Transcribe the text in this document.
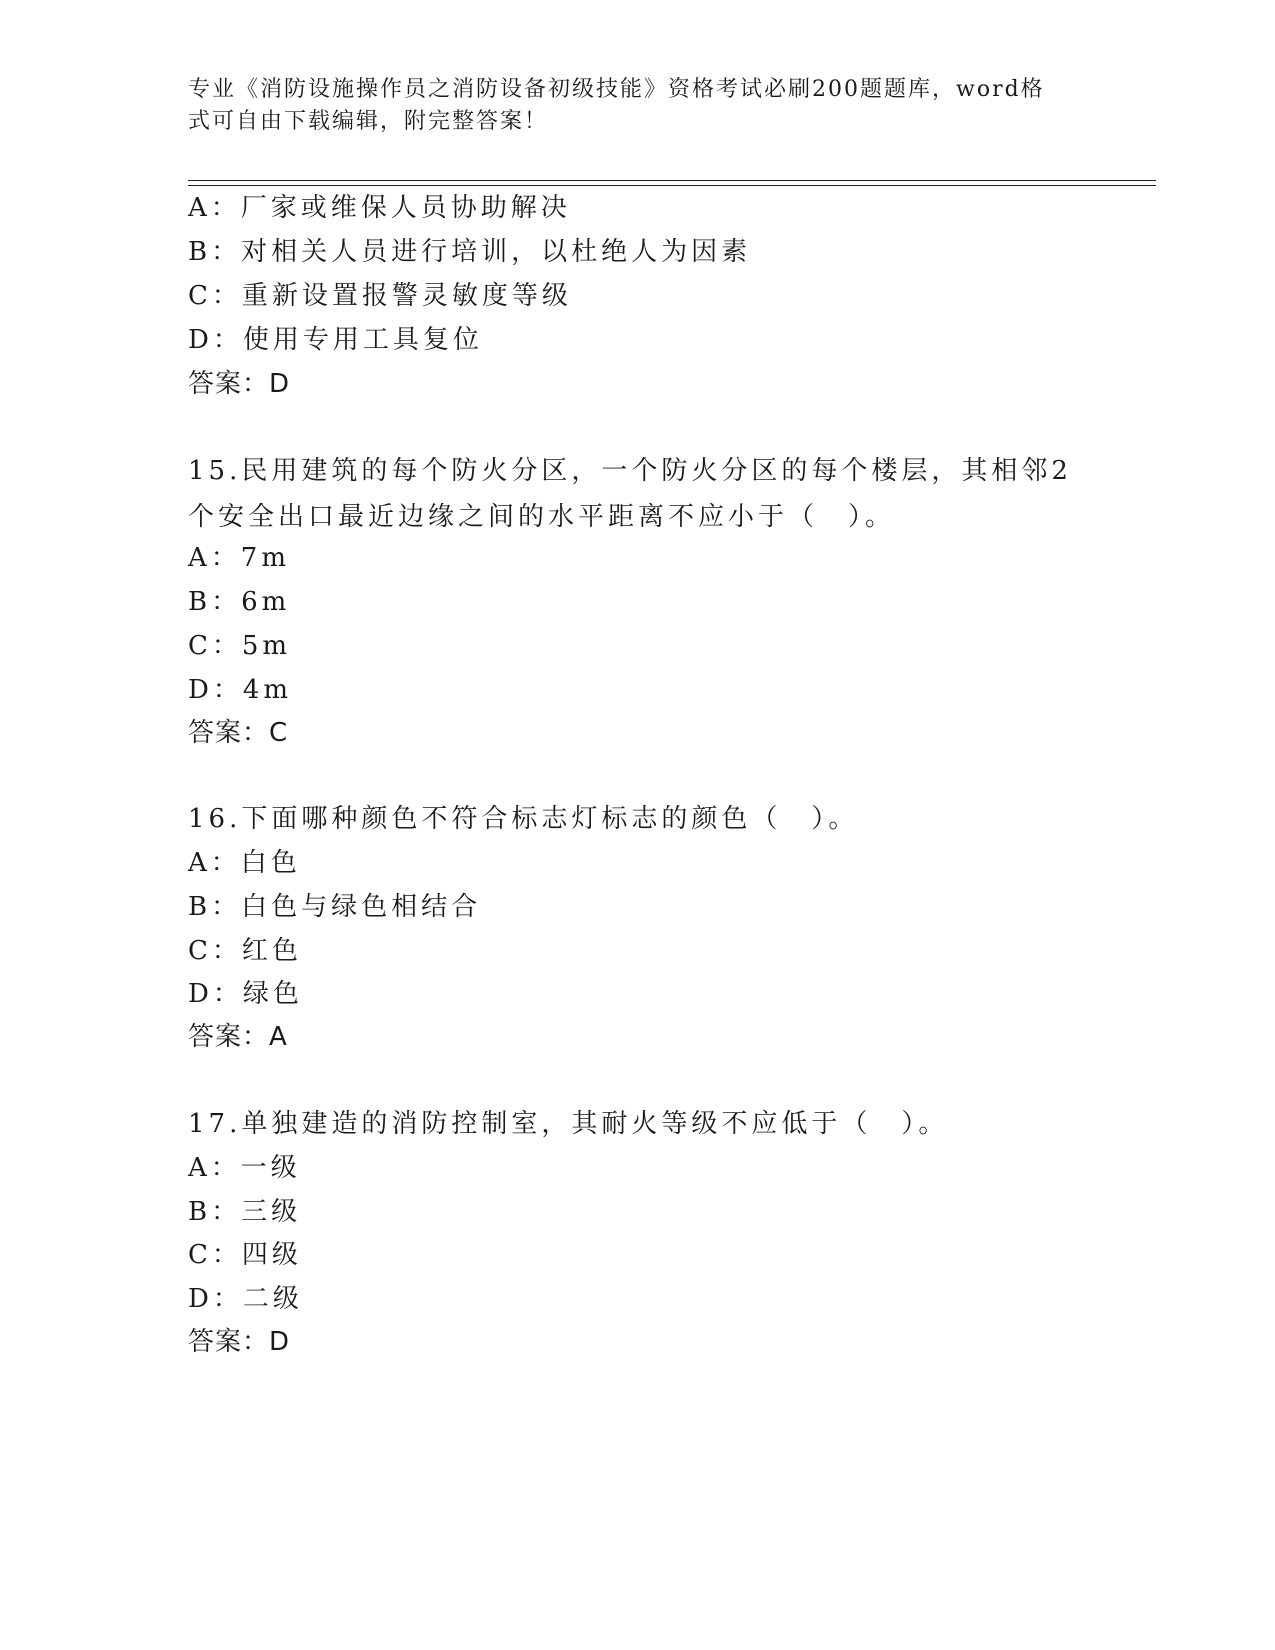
专业《消防设施操作员之消防设备初级技能》资格考试必刷200题题库，word格
式可自由下载编辑，附完整答案！
A：厂家或维保人员协助解决
B：对相关人员进行培训，以杜绝人为因素
C：重新设置报警灵敏度等级
D：使用专用工具复位
答案：D
15.民用建筑的每个防火分区，一个防火分区的每个楼层，其相邻2个安全出口最近边缘之间的水平距离不应小于（　）。
A：7m
B：6m
C：5m
D：4m
答案：C
16.下面哪种颜色不符合标志灯标志的颜色（　）。
A：白色
B：白色与绿色相结合
C：红色
D：绿色
答案：A
17.单独建造的消防控制室，其耐火等级不应低于（　）。
A：一级
B：三级
C：四级
D：二级
答案：D
